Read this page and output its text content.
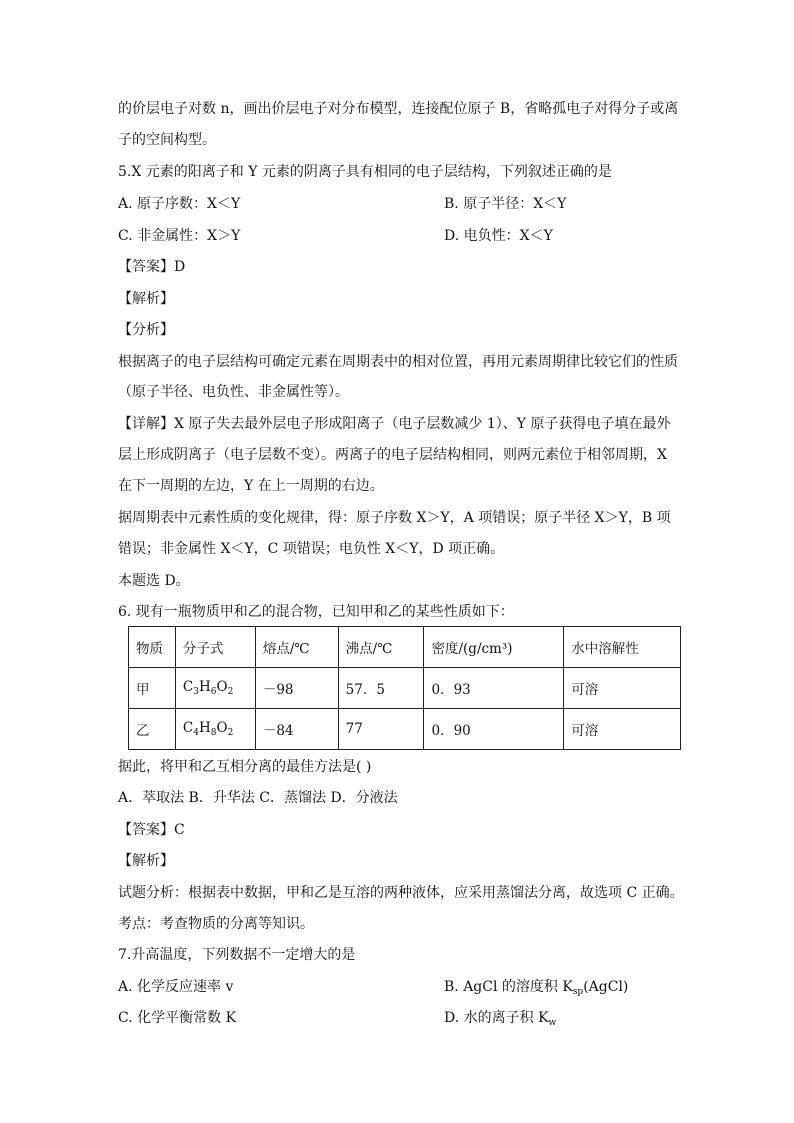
的价层电子对数 n，画出价层电子对分布模型，连接配位原子 B，省略孤电子对得分子或离
子的空间构型。
5.X 元素的阳离子和 Y 元素的阴离子具有相同的电子层结构，下列叙述正确的是
A. 原子序数：X＜Y	B. 原子半径：X＜Y
C. 非金属性：X＞Y	D. 电负性：X＜Y
【答案】D
【解析】
【分析】
根据离子的电子层结构可确定元素在周期表中的相对位置，再用元素周期律比较它们的性质
（原子半径、电负性、非金属性等）。
【详解】X 原子失去最外层电子形成阳离子（电子层数减少 1）、Y 原子获得电子填在最外
层上形成阴离子（电子层数不变）。两离子的电子层结构相同，则两元素位于相邻周期，X
在下一周期的左边，Y 在上一周期的右边。
据周期表中元素性质的变化规律，得：原子序数 X＞Y，A 项错误；原子半径 X＞Y，B 项
错误；非金属性 X＜Y，C 项错误；电负性 X＜Y，D 项正确。
本题选 D。
6. 现有一瓶物质甲和乙的混合物，已知甲和乙的某些性质如下：
物质	分子式	熔点/℃	沸点/℃	密度/(g/cm³)	水中溶解性
甲	$C_3H_6O_2$	－98	57．5	0．93	可溶
乙	$C_4H_8O_2$	－84	77	0．90	可溶
据此，将甲和乙互相分离的最佳方法是( )
A．萃取法 B．升华法 C．蒸馏法 D．分液法
【答案】C
【解析】
试题分析：根据表中数据，甲和乙是互溶的两种液体，应采用蒸馏法分离，故选项 C 正确。
考点：考查物质的分离等知识。
7.升高温度，下列数据不一定增大的是
A. 化学反应速率 v	B. AgCl 的溶度积 $K_{sp}(AgCl)$
C. 化学平衡常数 K	D. 水的离子积 $K_w$
